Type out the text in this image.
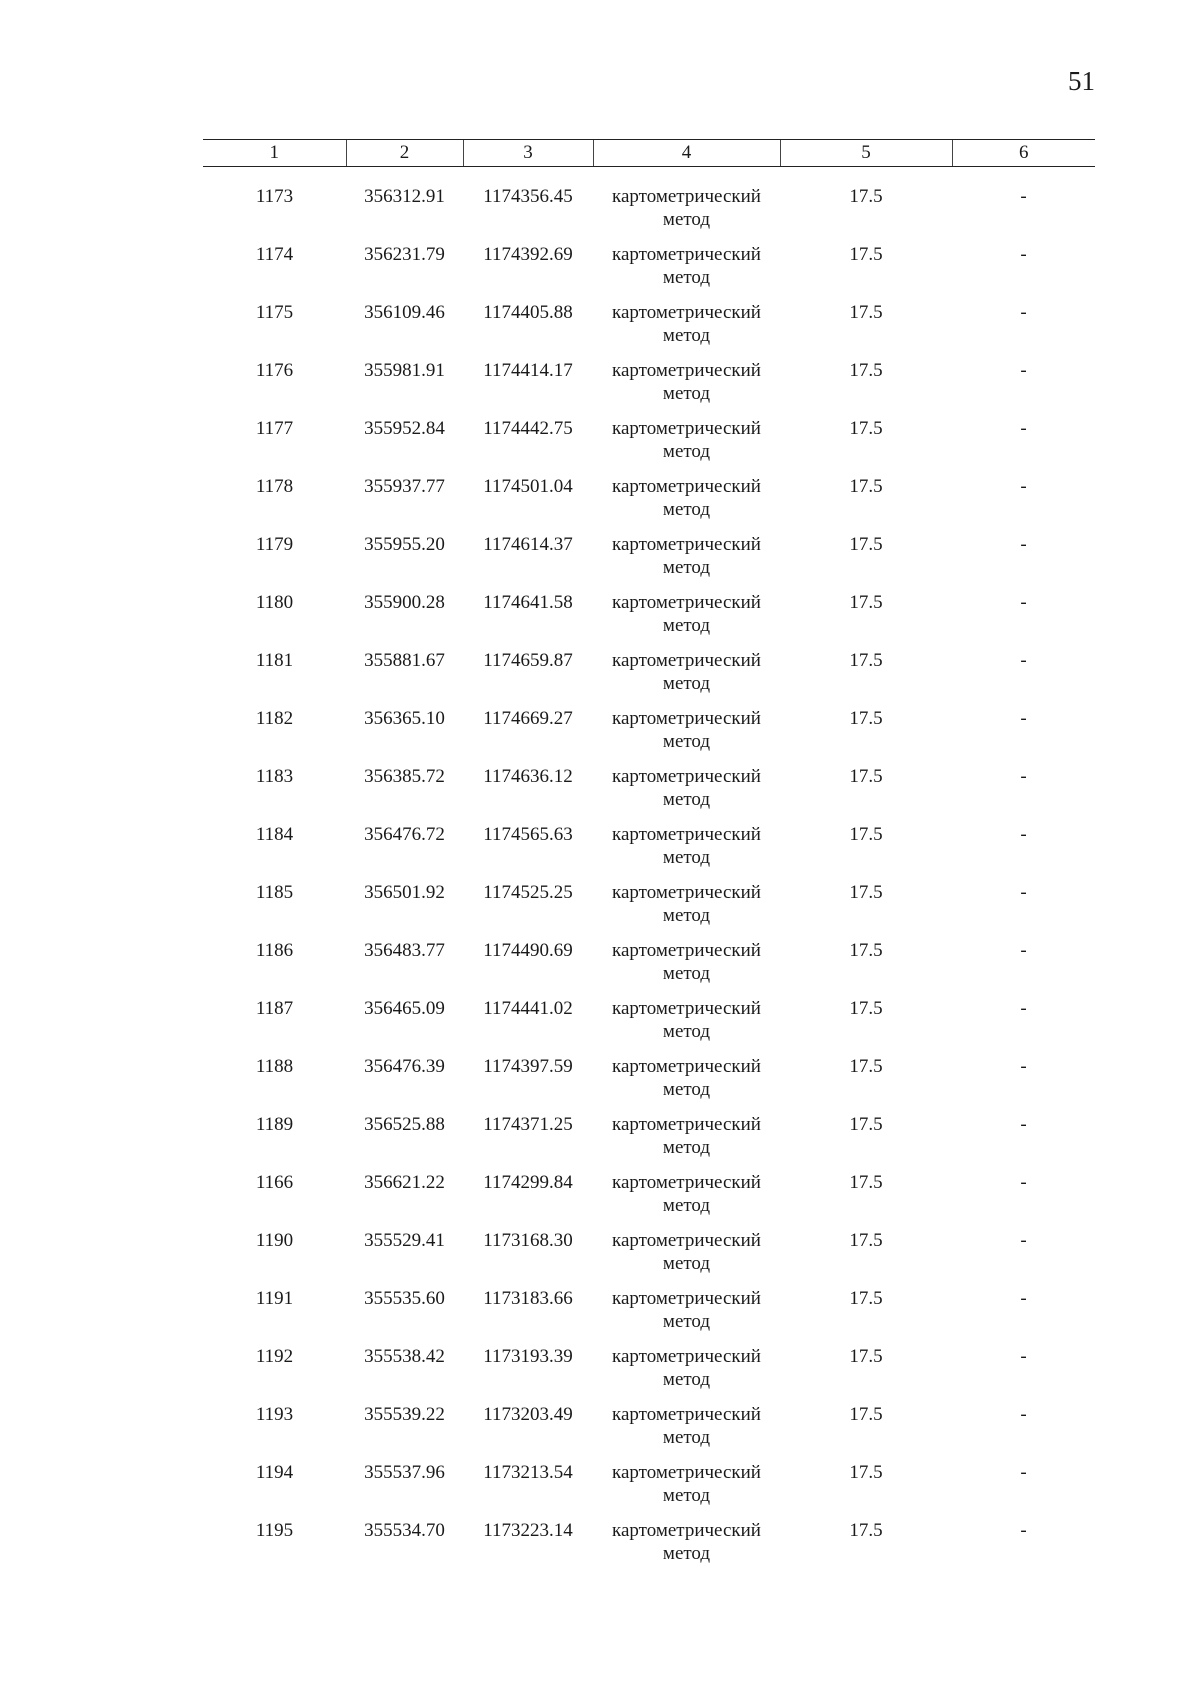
51
1	2	3	4	5	6

1173	356312.91	1174356.45	картометрический
метод	17.5	-
1174	356231.79	1174392.69	картометрический
метод	17.5	-
1175	356109.46	1174405.88	картометрический
метод	17.5	-
1176	355981.91	1174414.17	картометрический
метод	17.5	-
1177	355952.84	1174442.75	картометрический
метод	17.5	-
1178	355937.77	1174501.04	картометрический
метод	17.5	-
1179	355955.20	1174614.37	картометрический
метод	17.5	-
1180	355900.28	1174641.58	картометрический
метод	17.5	-
1181	355881.67	1174659.87	картометрический
метод	17.5	-
1182	356365.10	1174669.27	картометрический
метод	17.5	-
1183	356385.72	1174636.12	картометрический
метод	17.5	-
1184	356476.72	1174565.63	картометрический
метод	17.5	-
1185	356501.92	1174525.25	картометрический
метод	17.5	-
1186	356483.77	1174490.69	картометрический
метод	17.5	-
1187	356465.09	1174441.02	картометрический
метод	17.5	-
1188	356476.39	1174397.59	картометрический
метод	17.5	-
1189	356525.88	1174371.25	картометрический
метод	17.5	-
1166	356621.22	1174299.84	картометрический
метод	17.5	-
1190	355529.41	1173168.30	картометрический
метод	17.5	-
1191	355535.60	1173183.66	картометрический
метод	17.5	-
1192	355538.42	1173193.39	картометрический
метод	17.5	-
1193	355539.22	1173203.49	картометрический
метод	17.5	-
1194	355537.96	1173213.54	картометрический
метод	17.5	-
1195	355534.70	1173223.14	картометрический
метод	17.5	-
